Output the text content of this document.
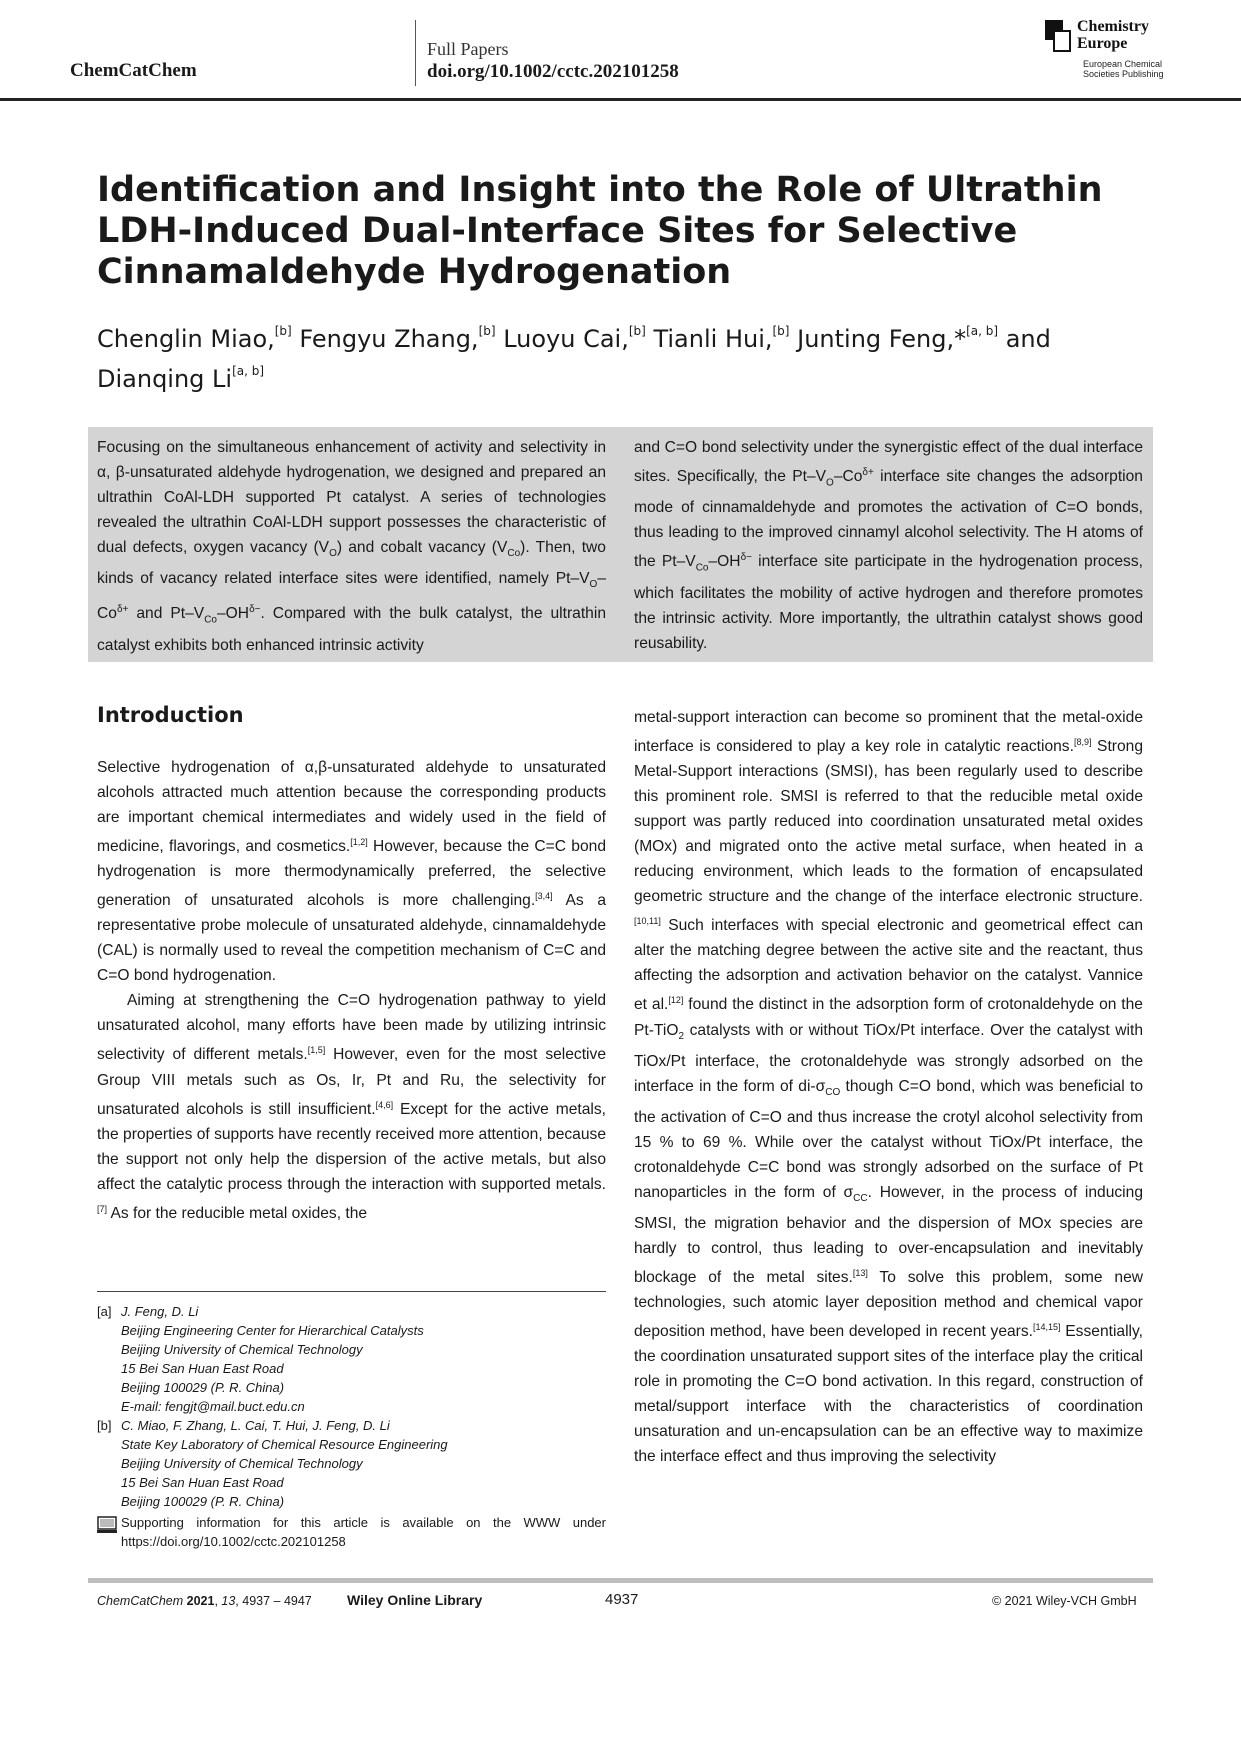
ChemCatChem
Full Papers
doi.org/10.1002/cctc.202101258
Chemistry
Europe
European Chemical
Societies Publishing
Identification and Insight into the Role of Ultrathin LDH-Induced Dual-Interface Sites for Selective Cinnamaldehyde Hydrogenation
Chenglin Miao,[b] Fengyu Zhang,[b] Luoyu Cai,[b] Tianli Hui,[b] Junting Feng,*[a, b] and
Dianqing Li[a, b]
Focusing on the simultaneous enhancement of activity and selectivity in α, β-unsaturated aldehyde hydrogenation, we designed and prepared an ultrathin CoAl-LDH supported Pt catalyst. A series of technologies revealed the ultrathin CoAl-LDH support possesses the characteristic of dual defects, oxygen vacancy $(V_O)$ and cobalt vacancy $(V_{Co})$. Then, two kinds of vacancy related interface sites were identified, namely $Pt-V_O-Co^{\delta+}$ and $Pt-V_{Co}-OH^{\delta-}$. Compared with the bulk catalyst, the ultrathin catalyst exhibits both enhanced intrinsic activity
and C=O bond selectivity under the synergistic effect of the dual interface sites. Specifically, the $Pt-V_O-Co^{\delta+}$ interface site changes the adsorption mode of cinnamaldehyde and promotes the activation of C=O bonds, thus leading to the improved cinnamyl alcohol selectivity. The H atoms of the $Pt-V_{Co}-OH^{\delta-}$ interface site participate in the hydrogenation process, which facilitates the mobility of active hydrogen and therefore promotes the intrinsic activity. More importantly, the ultrathin catalyst shows good reusability.
Introduction

Selective hydrogenation of α,β-unsaturated aldehyde to unsaturated alcohols attracted much attention because the corresponding products are important chemical intermediates and widely used in the field of medicine, flavorings, and cosmetics.[1,2] However, because the C=C bond hydrogenation is more thermodynamically preferred, the selective generation of unsaturated alcohols is more challenging.[3,4] As a representative probe molecule of unsaturated aldehyde, cinnamaldehyde (CAL) is normally used to reveal the competition mechanism of C=C and C=O bond hydrogenation.

Aiming at strengthening the C=O hydrogenation pathway to yield unsaturated alcohol, many efforts have been made by utilizing intrinsic selectivity of different metals.[1,5] However, even for the most selective Group VIII metals such as Os, Ir, Pt and Ru, the selectivity for unsaturated alcohols is still insufficient.[4,6] Except for the active metals, the properties of supports have recently received more attention, because the support not only help the dispersion of the active metals, but also affect the catalytic process through the interaction with supported metals.[7] As for the reducible metal oxides, the

metal-support interaction can become so prominent that the metal-oxide interface is considered to play a key role in catalytic reactions.[8,9] Strong Metal-Support interactions (SMSI), has been regularly used to describe this prominent role. SMSI is referred to that the reducible metal oxide support was partly reduced into coordination unsaturated metal oxides (MOx) and migrated onto the active metal surface, when heated in a reducing environment, which leads to the formation of encapsulated geometric structure and the change of the interface electronic structure.[10,11] Such interfaces with special electronic and geometrical effect can alter the matching degree between the active site and the reactant, thus affecting the adsorption and activation behavior on the catalyst. Vannice et al.[12] found the distinct in the adsorption form of crotonaldehyde on the Pt-TiO$_2$ catalysts with or without TiOx/Pt interface. Over the catalyst with TiOx/Pt interface, the crotonaldehyde was strongly adsorbed on the interface in the form of $di-\sigma_{CO}$ though C=O bond, which was beneficial to the activation of C=O and thus increase the crotyl alcohol selectivity from 15 % to 69 %. While over the catalyst without TiOx/Pt interface, the crotonaldehyde C=C bond was strongly adsorbed on the surface of Pt nanoparticles in the form of $\sigma_{CC}$. However, in the process of inducing SMSI, the migration behavior and the dispersion of MOx species are hardly to control, thus leading to over-encapsulation and inevitably blockage of the metal sites.[13] To solve this problem, some new technologies, such atomic layer deposition method and chemical vapor deposition method, have been developed in recent years.[14,15] Essentially, the coordination unsaturated support sites of the interface play the critical role in promoting the C=O bond activation. In this regard, construction of metal/support interface with the characteristics of coordination unsaturation and un-encapsulation can be an effective way to maximize the interface effect and thus improving the selectivity

[a] J. Feng, D. Li
Beijing Engineering Center for Hierarchical Catalysts
Beijing University of Chemical Technology
15 Bei San Huan East Road
Beijing 100029 (P. R. China)
E-mail: fengjt@mail.buct.edu.cn
[b] C. Miao, F. Zhang, L. Cai, T. Hui, J. Feng, D. Li
State Key Laboratory of Chemical Resource Engineering
Beijing University of Chemical Technology
15 Bei San Huan East Road
Beijing 100029 (P. R. China)
Supporting information for this article is available on the WWW under https://doi.org/10.1002/cctc.202101258
ChemCatChem 2021, 13, 4937 – 4947	Wiley Online Library	4937	© 2021 Wiley-VCH GmbH
